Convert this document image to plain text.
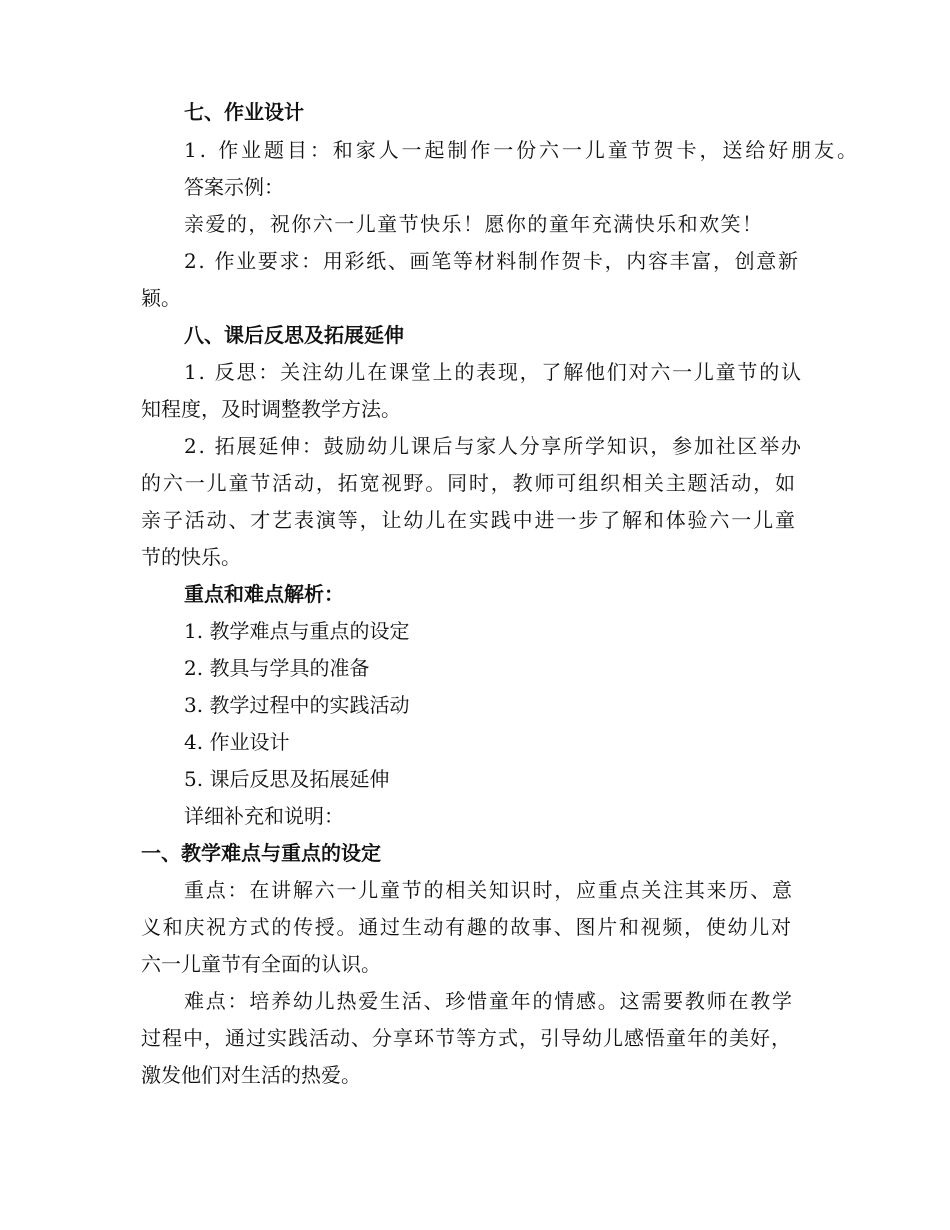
七、作业设计
1. 作业题目：和家人一起制作一份六一儿童节贺卡，送给好朋友。
答案示例：
亲爱的，祝你六一儿童节快乐！愿你的童年充满快乐和欢笑！
2. 作业要求：用彩纸、画笔等材料制作贺卡，内容丰富，创意新
颖。
八、课后反思及拓展延伸
1. 反思：关注幼儿在课堂上的表现，了解他们对六一儿童节的认
知程度，及时调整教学方法。
2. 拓展延伸：鼓励幼儿课后与家人分享所学知识，参加社区举办
的六一儿童节活动，拓宽视野。同时，教师可组织相关主题活动，如
亲子活动、才艺表演等，让幼儿在实践中进一步了解和体验六一儿童
节的快乐。
重点和难点解析：
1. 教学难点与重点的设定
2. 教具与学具的准备
3. 教学过程中的实践活动
4. 作业设计
5. 课后反思及拓展延伸
详细补充和说明：
一、教学难点与重点的设定
重点：在讲解六一儿童节的相关知识时，应重点关注其来历、意
义和庆祝方式的传授。通过生动有趣的故事、图片和视频，使幼儿对
六一儿童节有全面的认识。
难点：培养幼儿热爱生活、珍惜童年的情感。这需要教师在教学
过程中，通过实践活动、分享环节等方式，引导幼儿感悟童年的美好，
激发他们对生活的热爱。
